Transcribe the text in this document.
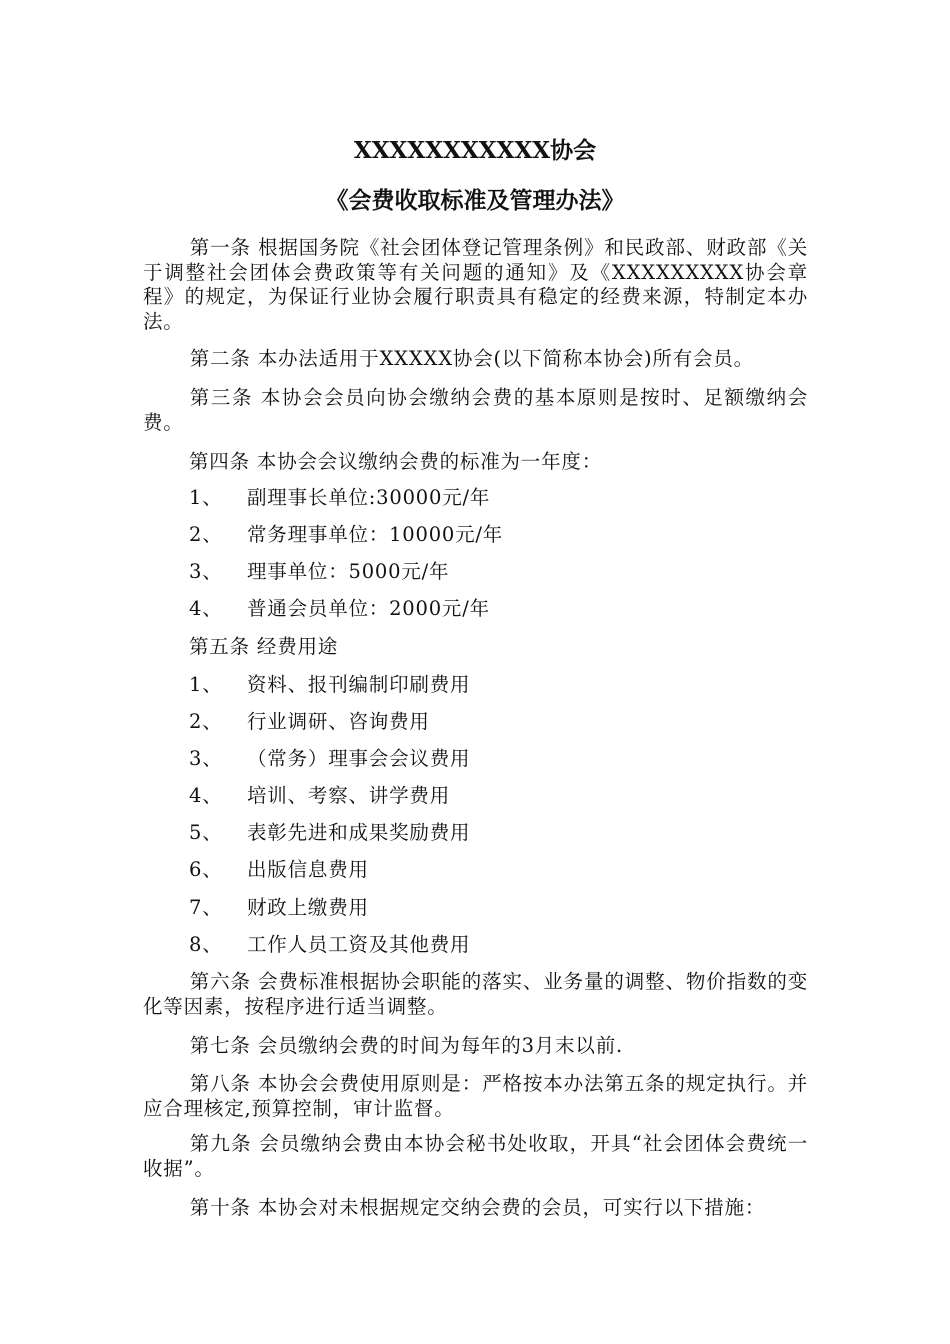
XXXXXXXXXXX协会
《会费收取标准及管理办法》
第一条 根据国务院《社会团体登记管理条例》和民政部、财政部《关于调整社会团体会费政策等有关问题的通知》及《XXXXXXXXX协会章程》的规定，为保证行业协会履行职责具有稳定的经费来源，特制定本办法。
第二条 本办法适用于XXXXX协会(以下简称本协会)所有会员。
第三条 本协会会员向协会缴纳会费的基本原则是按时、足额缴纳会费。
第四条 本协会会议缴纳会费的标准为一年度：
1、 副理事长单位:30000元/年
2、 常务理事单位：10000元/年
3、 理事单位：5000元/年
4、 普通会员单位：2000元/年
第五条 经费用途
1、 资料、报刊编制印刷费用
2、 行业调研、咨询费用
3、 （常务）理事会会议费用
4、 培训、考察、讲学费用
5、 表彰先进和成果奖励费用
6、 出版信息费用
7、 财政上缴费用
8、 工作人员工资及其他费用
第六条 会费标准根据协会职能的落实、业务量的调整、物价指数的变化等因素，按程序进行适当调整。
第七条 会员缴纳会费的时间为每年的3月末以前.
第八条 本协会会费使用原则是：严格按本办法第五条的规定执行。并应合理核定,预算控制，审计监督。
第九条 会员缴纳会费由本协会秘书处收取，开具“社会团体会费统一收据”。
第十条 本协会对未根据规定交纳会费的会员，可实行以下措施：
